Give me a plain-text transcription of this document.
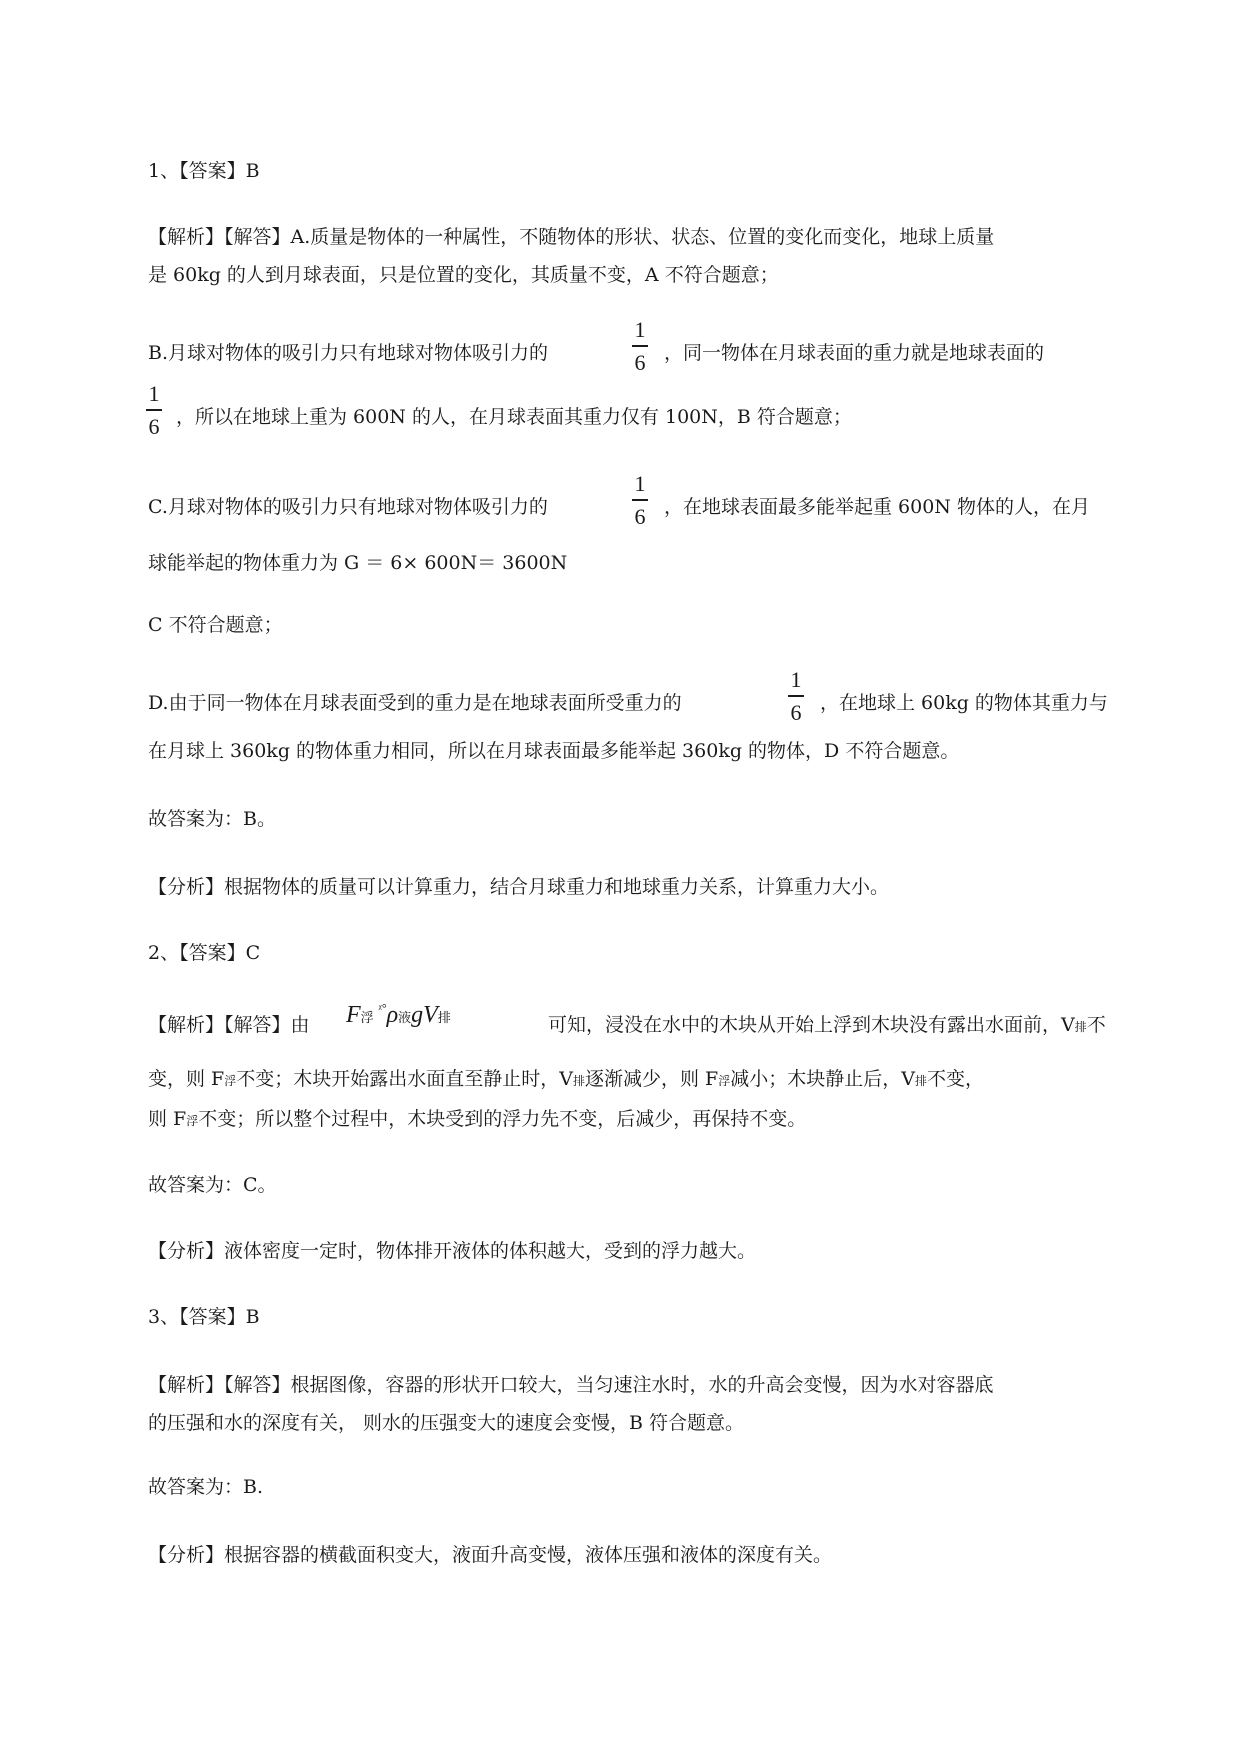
1、【答案】B
【解析】【解答】A.质量是物体的一种属性，不随物体的形状、状态、位置的变化而变化，地球上质量
是 60kg 的人到月球表面，只是位置的变化，其质量不变，A 不符合题意；
B.月球对物体的吸引力只有地球对物体吸引力的
1
6 ，同一物体在月球表面的重力就是地球表面的
1
6 ，所以在地球上重为 600N 的人，在月球表面其重力仅有 100N，B 符合题意；
C.月球对物体的吸引力只有地球对物体吸引力的
1
6 ，在地球表面最多能举起重 600N 物体的人，在月
球能举起的物体重力为 G ＝ 6× 600N＝ 3600N
C 不符合题意；
D.由于同一物体在月球表面受到的重力是在地球表面所受重力的
1
6 ，在地球上 60kg 的物体其重力与
在月球上 360kg 的物体重力相同，所以在月球表面最多能举起 360kg 的物体，D 不符合题意。
故答案为：B。
【分析】根据物体的质量可以计算重力，结合月球重力和地球重力关系，计算重力大小。
2、【答案】C
【解析】【解答】由 F浮 $^{ᵡ^\circ}$ρ液gV排	可知，浸没在水中的木块从开始上浮到木块没有露出水面前，V排不
变，则 F浮不变；木块开始露出水面直至静止时，V排逐渐减少，则 F浮减小；木块静止后，V排不变，
则 F浮不变；所以整个过程中，木块受到的浮力先不变，后减少，再保持不变。
故答案为：C。
【分析】液体密度一定时，物体排开液体的体积越大，受到的浮力越大。
3、【答案】B
【解析】【解答】根据图像，容器的形状开口较大，当匀速注水时，水的升高会变慢，因为水对容器底
的压强和水的深度有关， 则水的压强变大的速度会变慢，B 符合题意。
故答案为：B.
【分析】根据容器的横截面积变大，液面升高变慢，液体压强和液体的深度有关。
